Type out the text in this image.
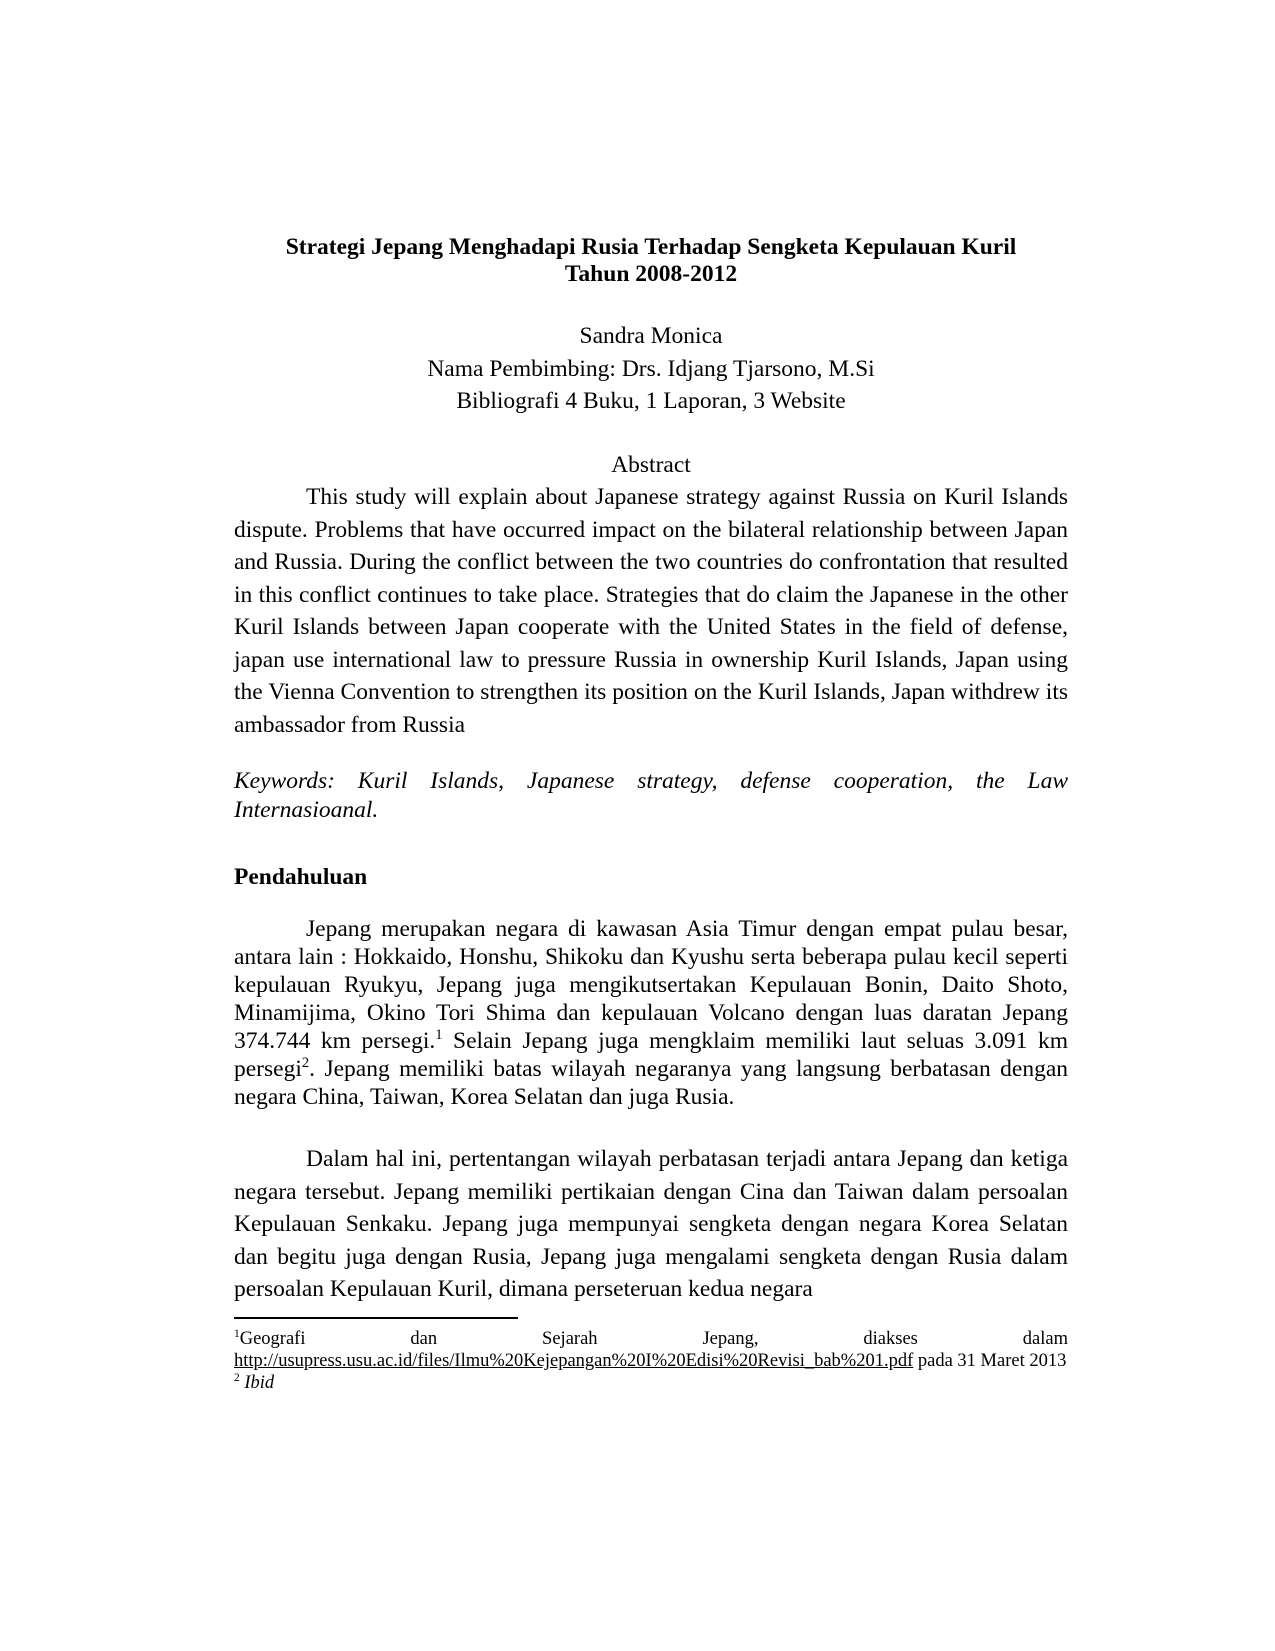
Strategi Jepang Menghadapi Rusia Terhadap Sengketa Kepulauan Kuril
Tahun 2008-2012
Sandra Monica
Nama Pembimbing: Drs. Idjang Tjarsono, M.Si
Bibliografi 4 Buku, 1 Laporan, 3 Website
Abstract

This study will explain about Japanese strategy against Russia on Kuril Islands dispute. Problems that have occurred impact on the bilateral relationship between Japan and Russia. During the conflict between the two countries do confrontation that resulted in this conflict continues to take place. Strategies that do claim the Japanese in the other Kuril Islands between Japan cooperate with the United States in the field of defense, japan use international law to pressure Russia in ownership Kuril Islands, Japan using the Vienna Convention to strengthen its position on the Kuril Islands, Japan withdrew its ambassador from Russia

Keywords: Kuril Islands, Japanese strategy, defense cooperation, the Law Internasioanal.

Pendahuluan

Jepang merupakan negara di kawasan Asia Timur dengan empat pulau besar, antara lain : Hokkaido, Honshu, Shikoku dan Kyushu serta beberapa pulau kecil seperti kepulauan Ryukyu, Jepang juga mengikutsertakan Kepulauan Bonin, Daito Shoto, Minamijima, Okino Tori Shima dan kepulauan Volcano dengan luas daratan Jepang 374.744 km persegi.$^1$ Selain Jepang juga mengklaim memiliki laut seluas 3.091 km persegi$^2$. Jepang memiliki batas wilayah negaranya yang langsung berbatasan dengan negara China, Taiwan, Korea Selatan dan juga Rusia.

Dalam hal ini, pertentangan wilayah perbatasan terjadi antara Jepang dan ketiga negara tersebut. Jepang memiliki pertikaian dengan Cina dan Taiwan dalam persoalan Kepulauan Senkaku. Jepang juga mempunyai sengketa dengan negara Korea Selatan dan begitu juga dengan Rusia, Jepang juga mengalami sengketa dengan Rusia dalam persoalan Kepulauan Kuril, dimana perseteruan kedua negara

$^1$Geografi dan Sejarah Jepang, diakses dalam
http://usupress.usu.ac.id/files/Ilmu%20Kejepangan%20I%20Edisi%20Revisi_bab%201.pdf pada 31 Maret 2013
$^2$ Ibid
